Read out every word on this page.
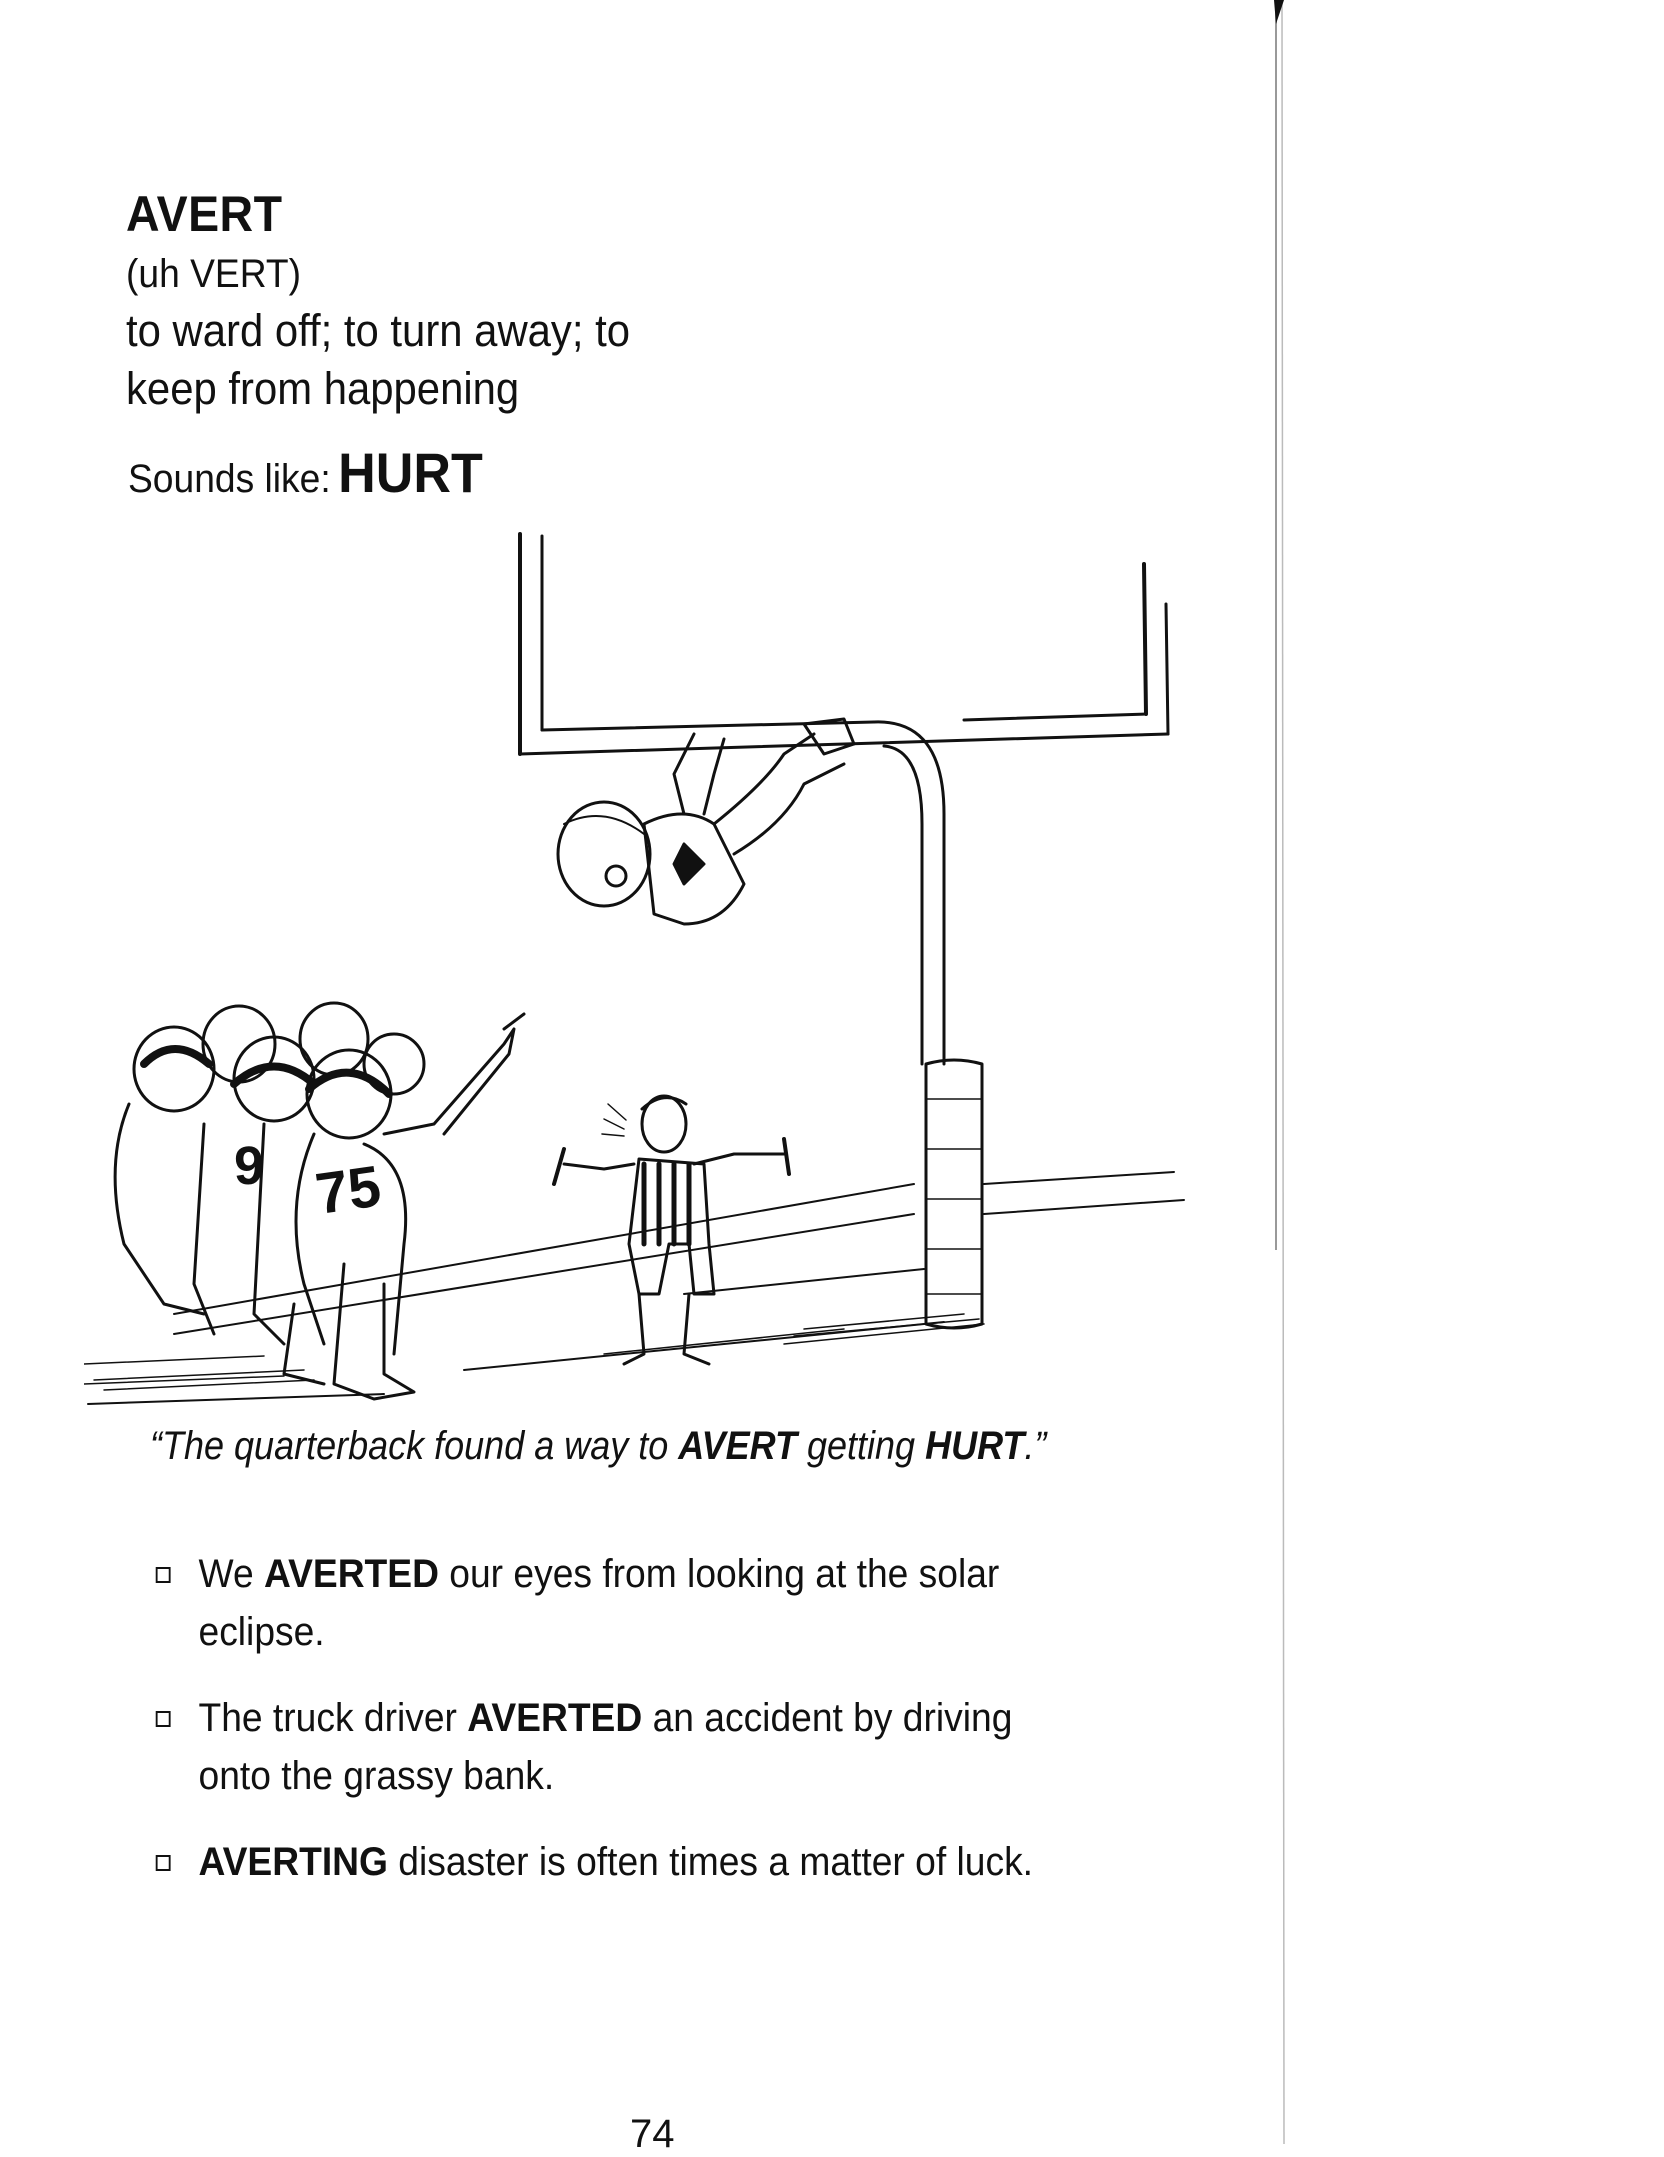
AVERT
(uh VERT)
to ward off; to turn away; to keep from happening
Sounds like: HURT
75
9
“The quarterback found a way to AVERT getting HURT.”
We AVERTED our eyes from looking at the solar eclipse.
The truck driver AVERTED an accident by driving onto the grassy bank.
AVERTING disaster is often times a matter of luck.
74
